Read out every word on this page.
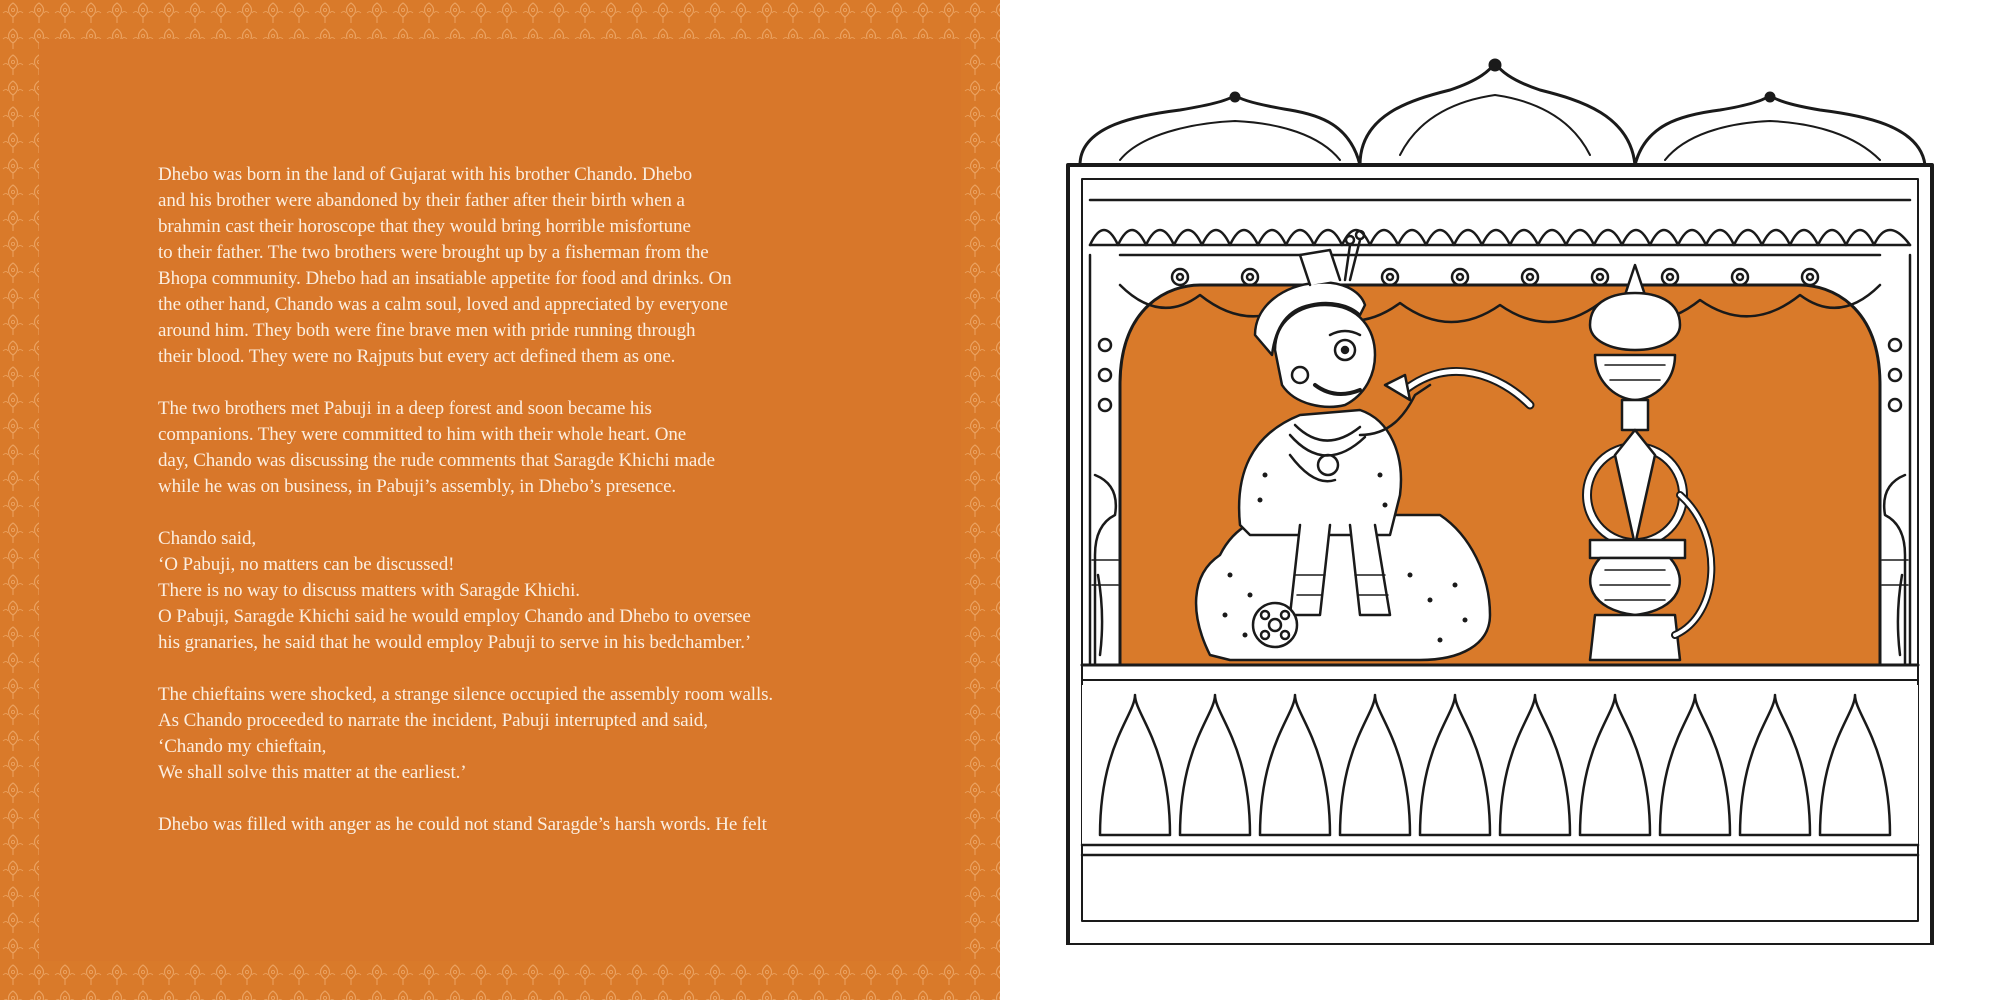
Dhebo was born in the land of Gujarat with his brother Chando. Dhebo
and his brother were abandoned by their father after their birth when a
brahmin cast their horoscope that they would bring horrible misfortune
to their father. The two brothers were brought up by a fisherman from the
Bhopa community. Dhebo had an insatiable appetite for food and drinks. On
the other hand, Chando was a calm soul, loved and appreciated by everyone
around him. They both were fine brave men with pride running through
their blood. They were no Rajputs but every act defined them as one.
The two brothers met Pabuji in a deep forest and soon became his
companions. They were committed to him with their whole heart. One
day, Chando was discussing the rude comments that Saragde Khichi made
while he was on business, in Pabuji’s assembly, in Dhebo’s presence.
Chando said,
‘O Pabuji, no matters can be discussed!
There is no way to discuss matters with Saragde Khichi.
O Pabuji, Saragde Khichi said he would employ Chando and Dhebo to oversee
his granaries, he said that he would employ Pabuji to serve in his bedchamber.’
The chieftains were shocked, a strange silence occupied the assembly room walls.
As Chando proceeded to narrate the incident, Pabuji interrupted and said,
‘Chando my chieftain,
We shall solve this matter at the earliest.’
Dhebo was filled with anger as he could not stand Saragde’s harsh words. He felt
